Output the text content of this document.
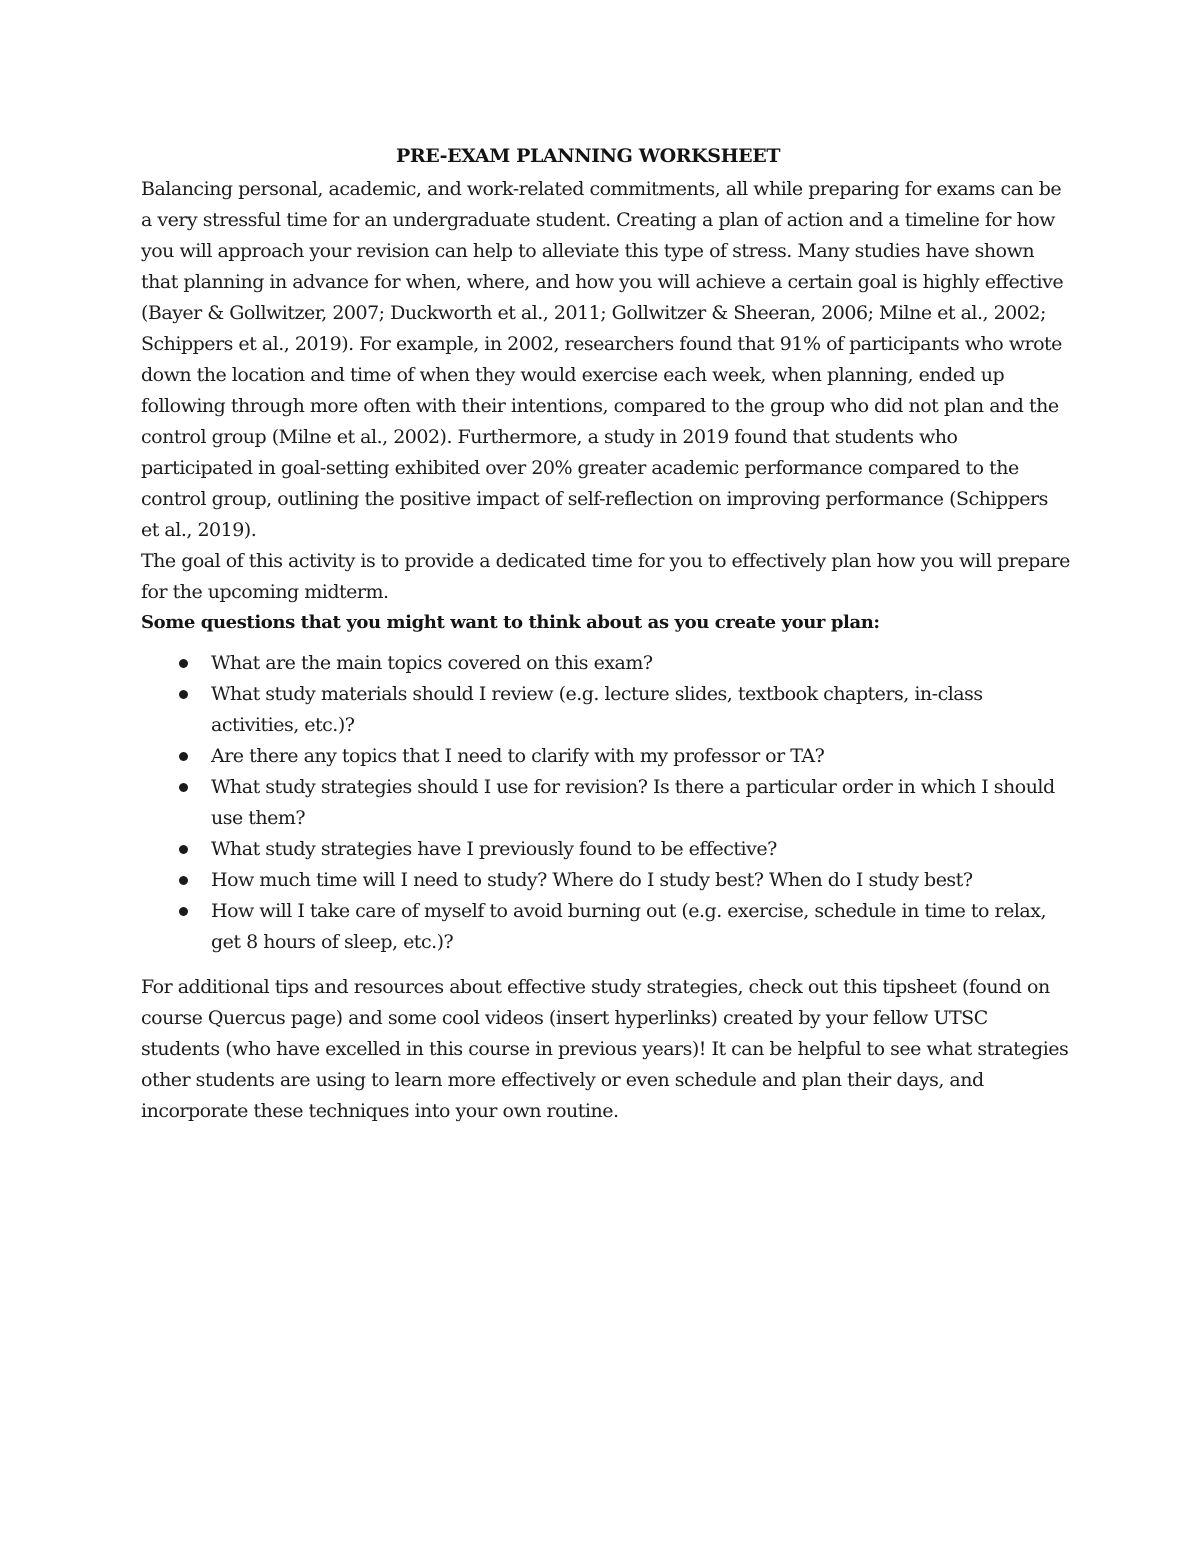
PRE-EXAM PLANNING WORKSHEET

Balancing personal, academic, and work-related commitments, all while preparing for exams can be a very stressful time for an undergraduate student. Creating a plan of action and a timeline for how you will approach your revision can help to alleviate this type of stress. Many studies have shown that planning in advance for when, where, and how you will achieve a certain goal is highly effective (Bayer & Gollwitzer, 2007; Duckworth et al., 2011; Gollwitzer & Sheeran, 2006; Milne et al., 2002; Schippers et al., 2019). For example, in 2002, researchers found that 91% of participants who wrote down the location and time of when they would exercise each week, when planning, ended up following through more often with their intentions, compared to the group who did not plan and the control group (Milne et al., 2002). Furthermore, a study in 2019 found that students who participated in goal-setting exhibited over 20% greater academic performance compared to the control group, outlining the positive impact of self-reflection on improving performance (Schippers et al., 2019).

The goal of this activity is to provide a dedicated time for you to effectively plan how you will prepare for the upcoming midterm.

Some questions that you might want to think about as you create your plan:

What are the main topics covered on this exam?
What study materials should I review (e.g. lecture slides, textbook chapters, in-class activities, etc.)?
Are there any topics that I need to clarify with my professor or TA?
What study strategies should I use for revision? Is there a particular order in which I should use them?
What study strategies have I previously found to be effective?
How much time will I need to study? Where do I study best? When do I study best?
How will I take care of myself to avoid burning out (e.g. exercise, schedule in time to relax, get 8 hours of sleep, etc.)?

For additional tips and resources about effective study strategies, check out this tipsheet (found on course Quercus page) and some cool videos (insert hyperlinks) created by your fellow UTSC students (who have excelled in this course in previous years)! It can be helpful to see what strategies other students are using to learn more effectively or even schedule and plan their days, and incorporate these techniques into your own routine.
